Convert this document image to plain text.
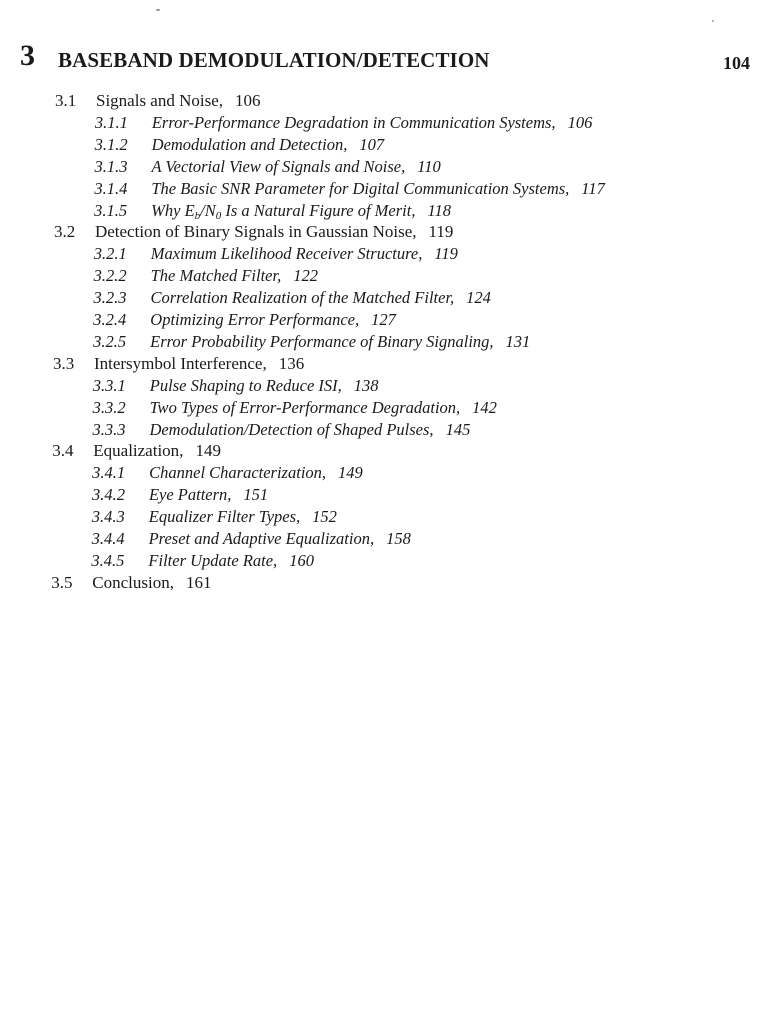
3 BASEBAND DEMODULATION/DETECTION	104
3.1 Signals and Noise, 106
3.1.1 Error-Performance Degradation in Communication Systems, 106
3.1.2 Demodulation and Detection, 107
3.1.3 A Vectorial View of Signals and Noise, 110
3.1.4 The Basic SNR Parameter for Digital Communication Systems, 117
3.1.5 Why $E_b/N_0$ Is a Natural Figure of Merit, 118
3.2 Detection of Binary Signals in Gaussian Noise, 119
3.2.1 Maximum Likelihood Receiver Structure, 119
3.2.2 The Matched Filter, 122
3.2.3 Correlation Realization of the Matched Filter, 124
3.2.4 Optimizing Error Performance, 127
3.2.5 Error Probability Performance of Binary Signaling, 131
3.3 Intersymbol Interference, 136
3.3.1 Pulse Shaping to Reduce ISI, 138
3.3.2 Two Types of Error-Performance Degradation, 142
3.3.3 Demodulation/Detection of Shaped Pulses, 145
3.4 Equalization, 149
3.4.1 Channel Characterization, 149
3.4.2 Eye Pattern, 151
3.4.3 Equalizer Filter Types, 152
3.4.4 Preset and Adaptive Equalization, 158
3.4.5 Filter Update Rate, 160
3.5 Conclusion, 161
